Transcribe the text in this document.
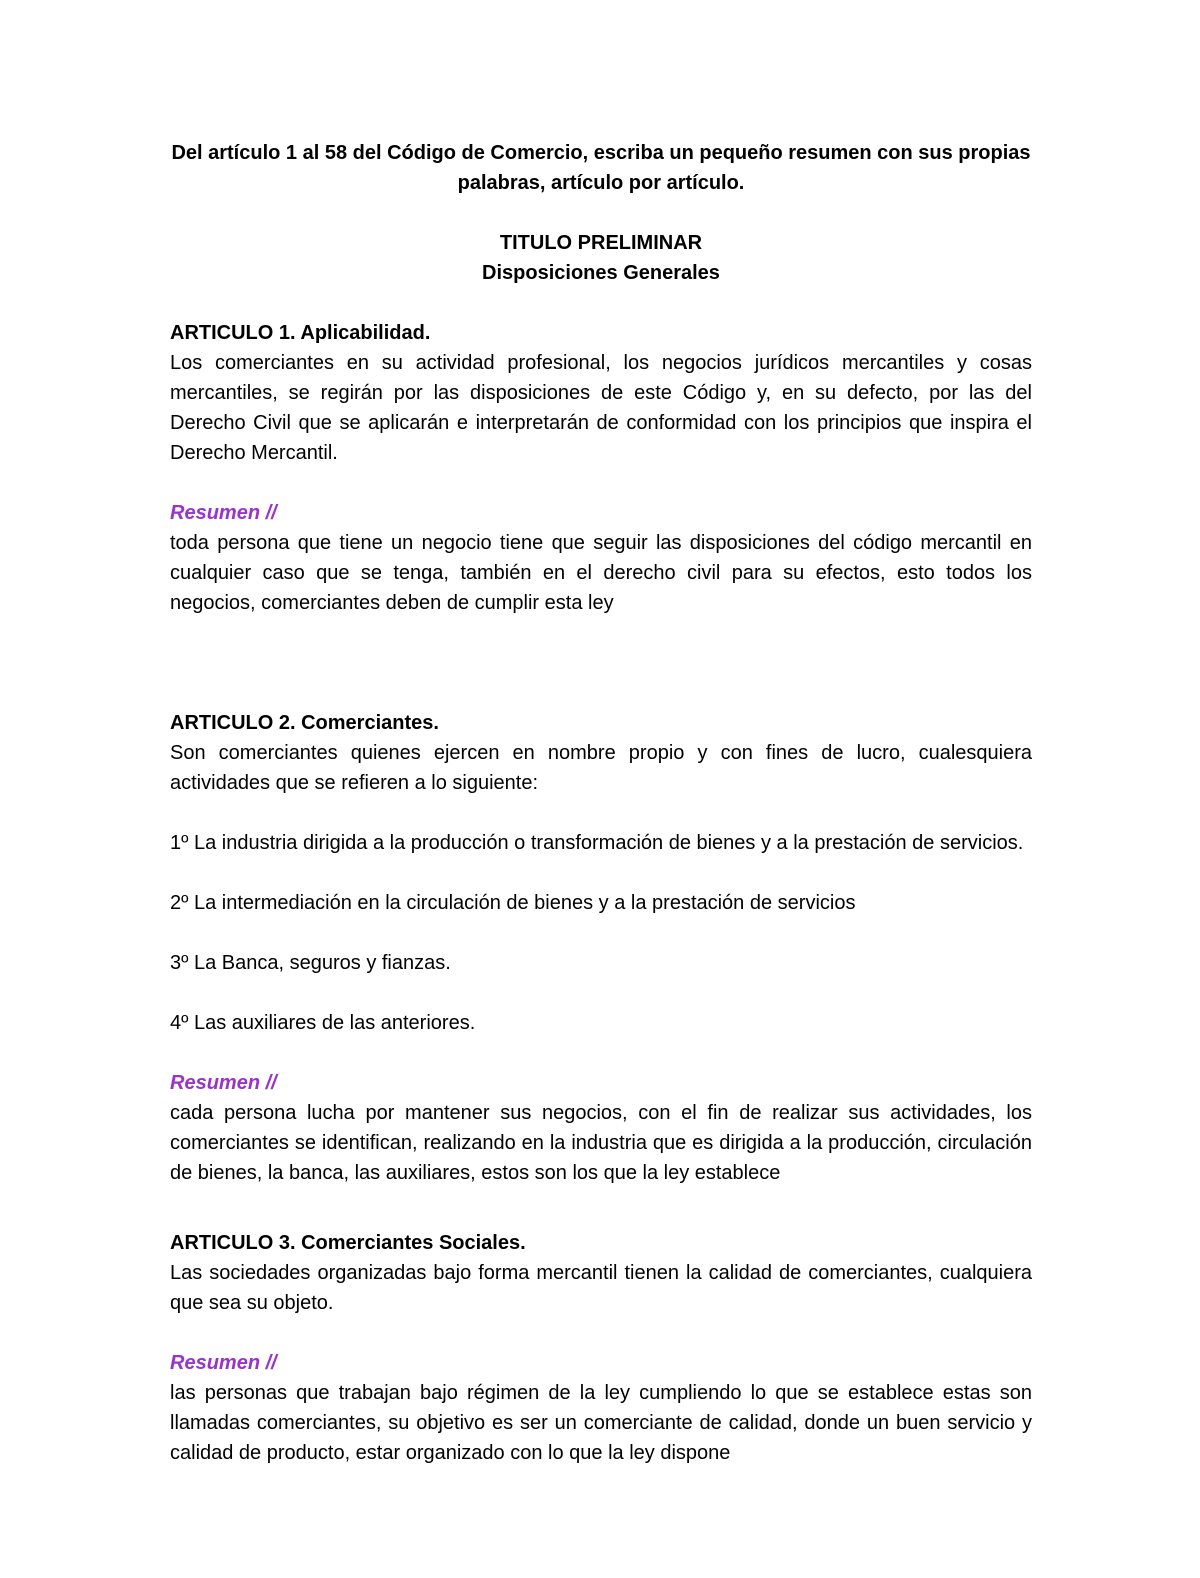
Del artículo 1 al 58 del Código de Comercio, escriba un pequeño resumen con sus propias palabras, artículo por artículo.

TITULO PRELIMINAR

Disposiciones Generales

ARTICULO 1. Aplicabilidad.

Los comerciantes en su actividad profesional, los negocios jurídicos mercantiles y cosas mercantiles, se regirán por las disposiciones de este Código y, en su defecto, por las del Derecho Civil que se aplicarán e interpretarán de conformidad con los principios que inspira el Derecho Mercantil.

Resumen //

toda persona que tiene un negocio tiene que seguir las disposiciones del código mercantil en cualquier caso que se tenga, también en el derecho civil para su efectos, esto todos los negocios, comerciantes deben de cumplir esta ley

ARTICULO 2. Comerciantes.

Son comerciantes quienes ejercen en nombre propio y con fines de lucro, cualesquiera actividades que se refieren a lo siguiente:

1º La industria dirigida a la producción o transformación de bienes y a la prestación de servicios.

2º La intermediación en la circulación de bienes y a la prestación de servicios

3º La Banca, seguros y fianzas.

4º Las auxiliares de las anteriores.

Resumen //

cada persona lucha por mantener sus negocios, con el fin de realizar sus actividades, los comerciantes se identifican, realizando en la industria que es dirigida a la producción, circulación de bienes, la banca, las auxiliares, estos son los que la ley establece

ARTICULO 3. Comerciantes Sociales.

Las sociedades organizadas bajo forma mercantil tienen la calidad de comerciantes, cualquiera que sea su objeto.

Resumen //

las personas que trabajan bajo régimen de la ley cumpliendo lo que se establece estas son llamadas comerciantes, su objetivo es ser un comerciante de calidad, donde un buen servicio y calidad de producto, estar organizado con lo que la ley dispone
